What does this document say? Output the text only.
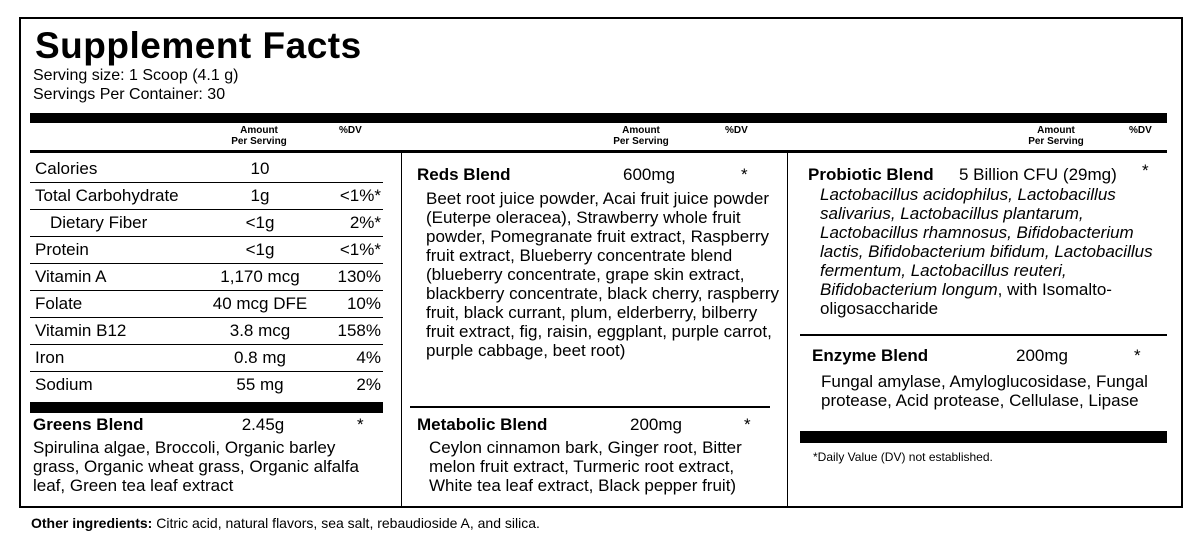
Supplement Facts
Serving size: 1 Scoop (4.1 g)
Servings Per Container: 30
Amount
Per Serving
%DV	Amount
Per Serving
%DV	Amount
Per Serving
%DV
Calories	10
Total Carbohydrate	1g	<1%*
Dietary Fiber	<1g	2%*
Protein	<1g	<1%*
Vitamin A	1,170 mcg	130%
Folate	40 mcg DFE	10%
Vitamin B12	3.8 mcg	158%
Iron	0.8 mg	4%
Sodium	55 mg	2%
Greens Blend	2.45g	*
Spirulina algae, Broccoli, Organic barley grass, Organic wheat grass, Organic alfalfa leaf, Green tea leaf extract
Reds Blend	600mg	*
Beet root juice powder, Acai fruit juice powder (Euterpe oleracea), Strawberry whole fruit powder, Pomegranate fruit extract, Raspberry fruit extract, Blueberry concentrate blend (blueberry concentrate, grape skin extract, blackberry concentrate, black cherry, raspberry fruit, black currant, plum, elderberry, bilberry fruit extract, fig, raisin, eggplant, purple carrot, purple cabbage, beet root)
Metabolic Blend	200mg	*
Ceylon cinnamon bark, Ginger root, Bitter melon fruit extract, Turmeric root extract, White tea leaf extract, Black pepper fruit)
Probiotic Blend 5 Billion CFU (29mg) *
Lactobacillus acidophilus, Lactobacillus salivarius, Lactobacillus plantarum, Lactobacillus rhamnosus, Bifidobacterium lactis, Bifidobacterium bifidum, Lactobacillus fermentum, Lactobacillus reuteri, Bifidobacterium longum, with Isomalto-oligosaccharide
Enzyme Blend	200mg	*
Fungal amylase, Amyloglucosidase, Fungal protease, Acid protease, Cellulase, Lipase
*Daily Value (DV) not established.
Other ingredients: Citric acid, natural flavors, sea salt, rebaudioside A, and silica.
